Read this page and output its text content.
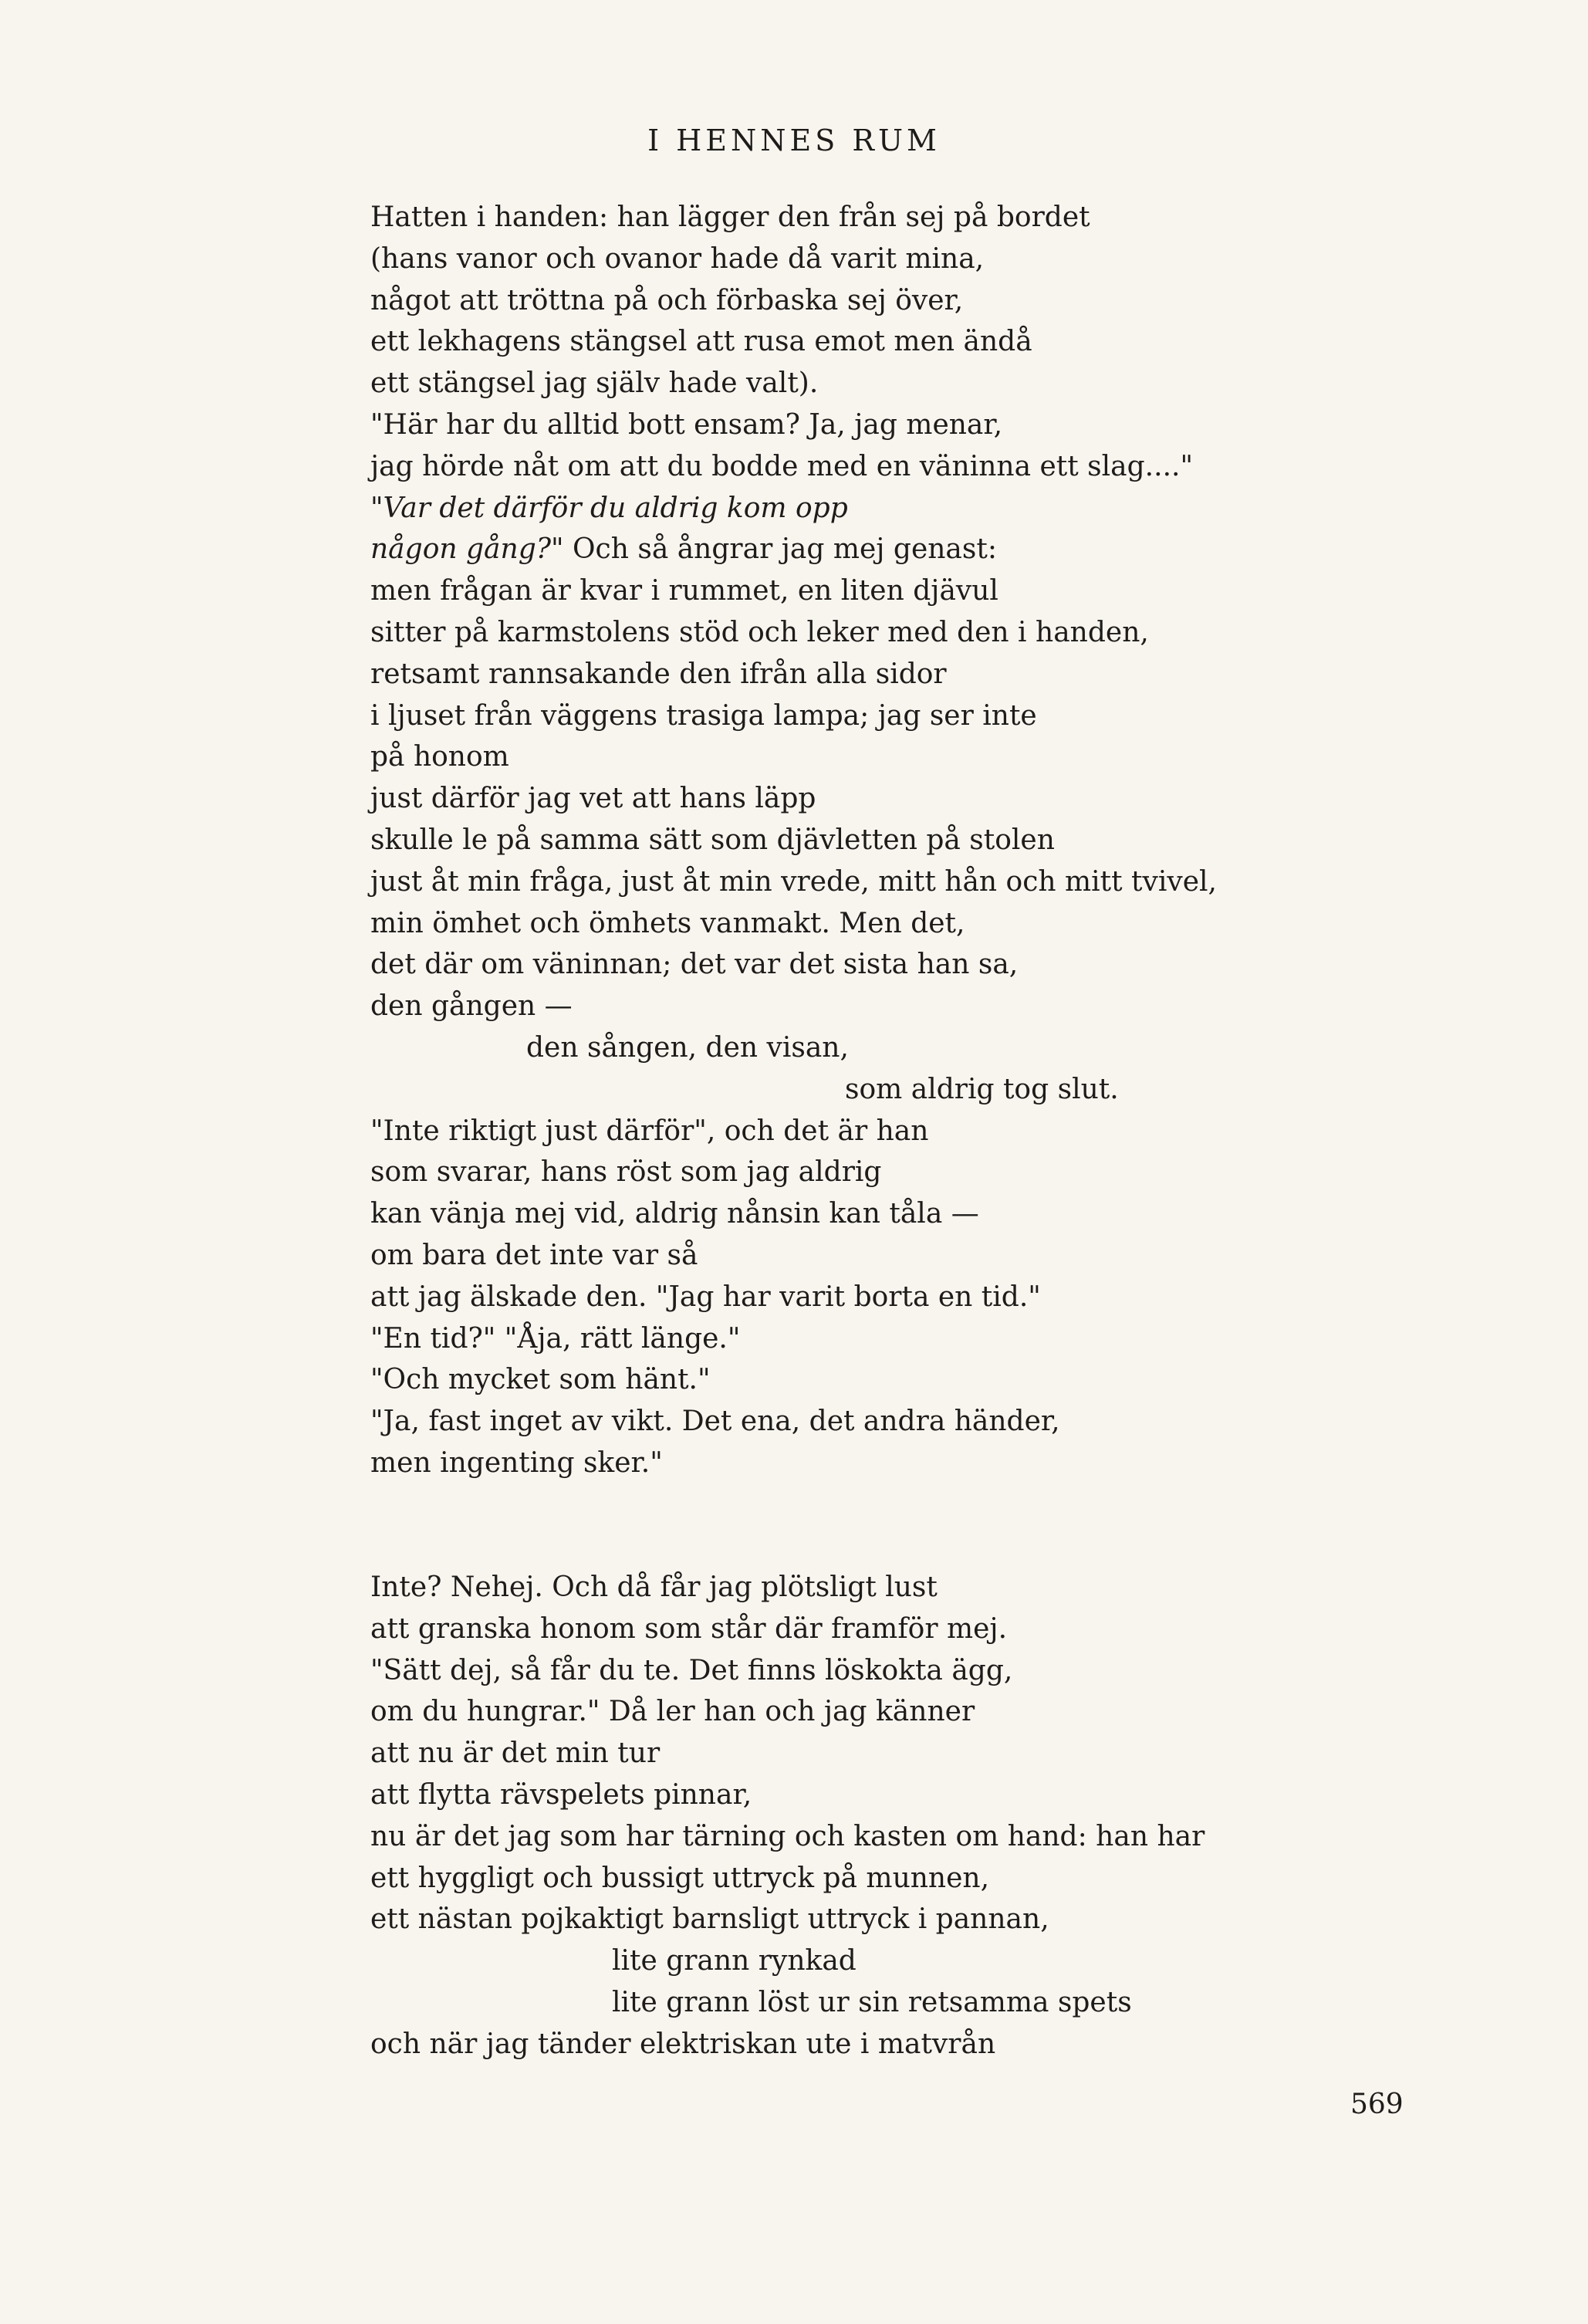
I HENNES RUM
Hatten i handen: han lägger den från sej på bordet
(hans vanor och ovanor hade då varit mina,
något att tröttna på och förbaska sej över,
ett lekhagens stängsel att rusa emot men ändå
ett stängsel jag själv hade valt).
"Här har du alltid bott ensam? Ja, jag menar,
jag hörde nåt om att du bodde med en väninna ett slag...."
"Var det därför du aldrig kom opp
någon gång?" Och så ångrar jag mej genast:
men frågan är kvar i rummet, en liten djävul
sitter på karmstolens stöd och leker med den i handen,
retsamt rannsakande den ifrån alla sidor
i ljuset från väggens trasiga lampa; jag ser inte
på honom
just därför jag vet att hans läpp
skulle le på samma sätt som djävletten på stolen
just åt min fråga, just åt min vrede, mitt hån och mitt tvivel,
min ömhet och ömhets vanmakt. Men det,
det där om väninnan; det var det sista han sa,
den gången —
den sången, den visan,
som aldrig tog slut.
"Inte riktigt just därför", och det är han
som svarar, hans röst som jag aldrig
kan vänja mej vid, aldrig nånsin kan tåla —
om bara det inte var så
att jag älskade den. "Jag har varit borta en tid."
"En tid?" "Åja, rätt länge."
"Och mycket som hänt."
"Ja, fast inget av vikt. Det ena, det andra händer,
men ingenting sker."
Inte? Nehej. Och då får jag plötsligt lust
att granska honom som står där framför mej.
"Sätt dej, så får du te. Det finns löskokta ägg,
om du hungrar." Då ler han och jag känner
att nu är det min tur
att flytta rävspelets pinnar,
nu är det jag som har tärning och kasten om hand: han har
ett hyggligt och bussigt uttryck på munnen,
ett nästan pojkaktigt barnsligt uttryck i pannan,
lite grann rynkad
lite grann löst ur sin retsamma spets
och när jag tänder elektriskan ute i matvrån
569
